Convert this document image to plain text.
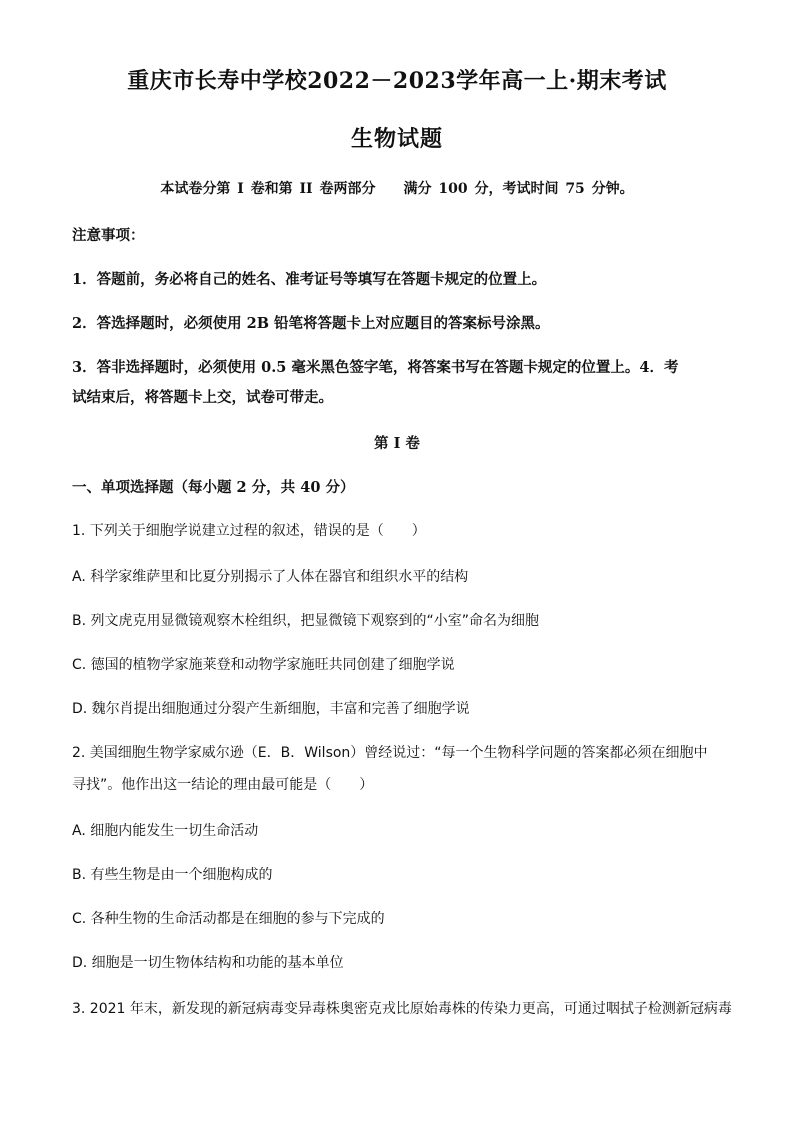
重庆市长寿中学校2022－2023学年高一上·期末考试
生物试题
本试卷分第 I 卷和第 II 卷两部分　　满分 100 分，考试时间 75 分钟。
注意事项：
1．答题前，务必将自己的姓名、准考证号等填写在答题卡规定的位置上。
2．答选择题时，必须使用 2B 铅笔将答题卡上对应题目的答案标号涂黑。
3．答非选择题时，必须使用 0.5 毫米黑色签字笔，将答案书写在答题卡规定的位置上。4．考
试结束后，将答题卡上交，试卷可带走。
第 I 卷
一、单项选择题（每小题 2 分，共 40 分）
1. 下列关于细胞学说建立过程的叙述，错误的是（　　）
A. 科学家维萨里和比夏分别揭示了人体在器官和组织水平的结构
B. 列文虎克用显微镜观察木栓组织，把显微镜下观察到的“小室”命名为细胞
C. 德国的植物学家施莱登和动物学家施旺共同创建了细胞学说
D. 魏尔肖提出细胞通过分裂产生新细胞，丰富和完善了细胞学说
2. 美国细胞生物学家威尔逊（E．B．Wilson）曾经说过：“每一个生物科学问题的答案都必须在细胞中
寻找”。他作出这一结论的理由最可能是（　　）
A. 细胞内能发生一切生命活动
B. 有些生物是由一个细胞构成的
C. 各种生物的生命活动都是在细胞的参与下完成的
D. 细胞是一切生物体结构和功能的基本单位
3. 2021 年末，新发现的新冠病毒变异毒株奥密克戎比原始毒株的传染力更高，可通过咽拭子检测新冠病毒
